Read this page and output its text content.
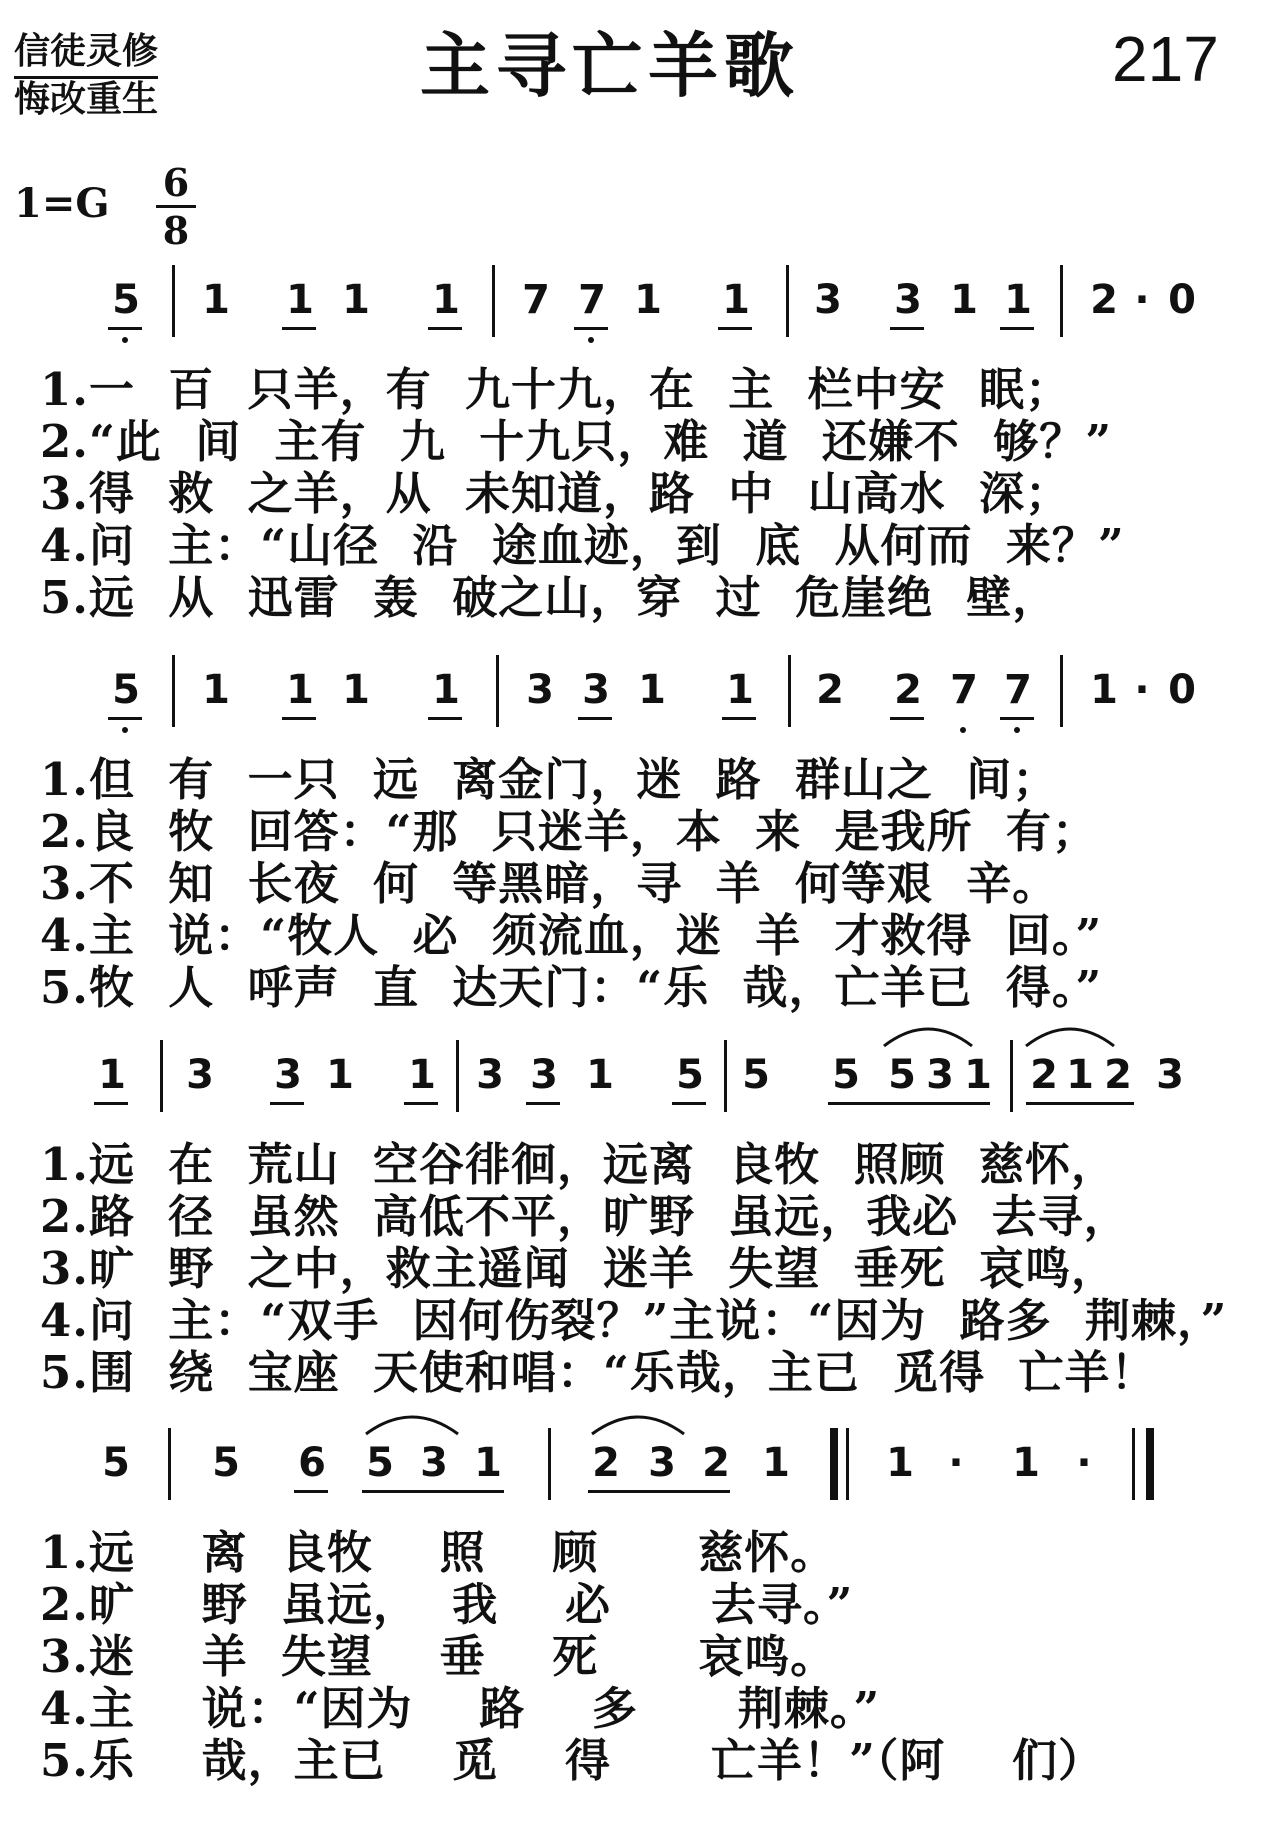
信徒灵修
悔改重生	主寻亡羊歌	217
1=G 6
8
5 1 1 1 1 7 7 1 1 3 3 1 1 2 · 0
1.一  百  只羊，有  九十九，在  主  栏中安  眠；
2.“此  间  主有  九  十九只，难  道  还嫌不  够？”
3.得  救  之羊，从  未知道，路  中  山高水  深；
4.问  主：“山径  沿  途血迹，到  底  从何而  来？”
5.远  从  迅雷  轰  破之山，穿  过  危崖绝  壁，
5 1 1 1 1 3 3 1 1 2 2 7 7 1 · 0
1.但  有  一只  远  离金门，迷  路  群山之  间；
2.良  牧  回答：“那  只迷羊，本  来  是我所  有；
3.不  知  长夜  何  等黑暗，寻  羊  何等艰  辛。
4.主  说：“牧人  必  须流血，迷  羊  才救得  回。”
5.牧  人  呼声  直  达天门：“乐  哉，亡羊已  得。”
1 3 3 1 1 3 3 1 5 5 5 5 3 1 2 1 2 3
1.远  在  荒山  空谷徘徊，远离  良牧  照顾  慈怀，
2.路  径  虽然  高低不平，旷野  虽远，我必  去寻，
3.旷  野  之中，救主遥闻  迷羊  失望  垂死  哀鸣，
4.问  主：“双手  因何伤裂？”主说：“因为  路多  荆棘，”
5.围  绕  宝座  天使和唱：“乐哉，主已  觅得  亡羊！
5 5 6 5 3 1 2 3 2 1 1 ·	1 ·
1.远    离  良牧    照    顾      慈怀。
2.旷    野  虽远，  我    必      去寻。”
3.迷    羊  失望    垂    死      哀鸣。
4.主    说：“因为    路    多      荆棘。”
5.乐    哉，主已    觅    得      亡羊！”（阿    们）
